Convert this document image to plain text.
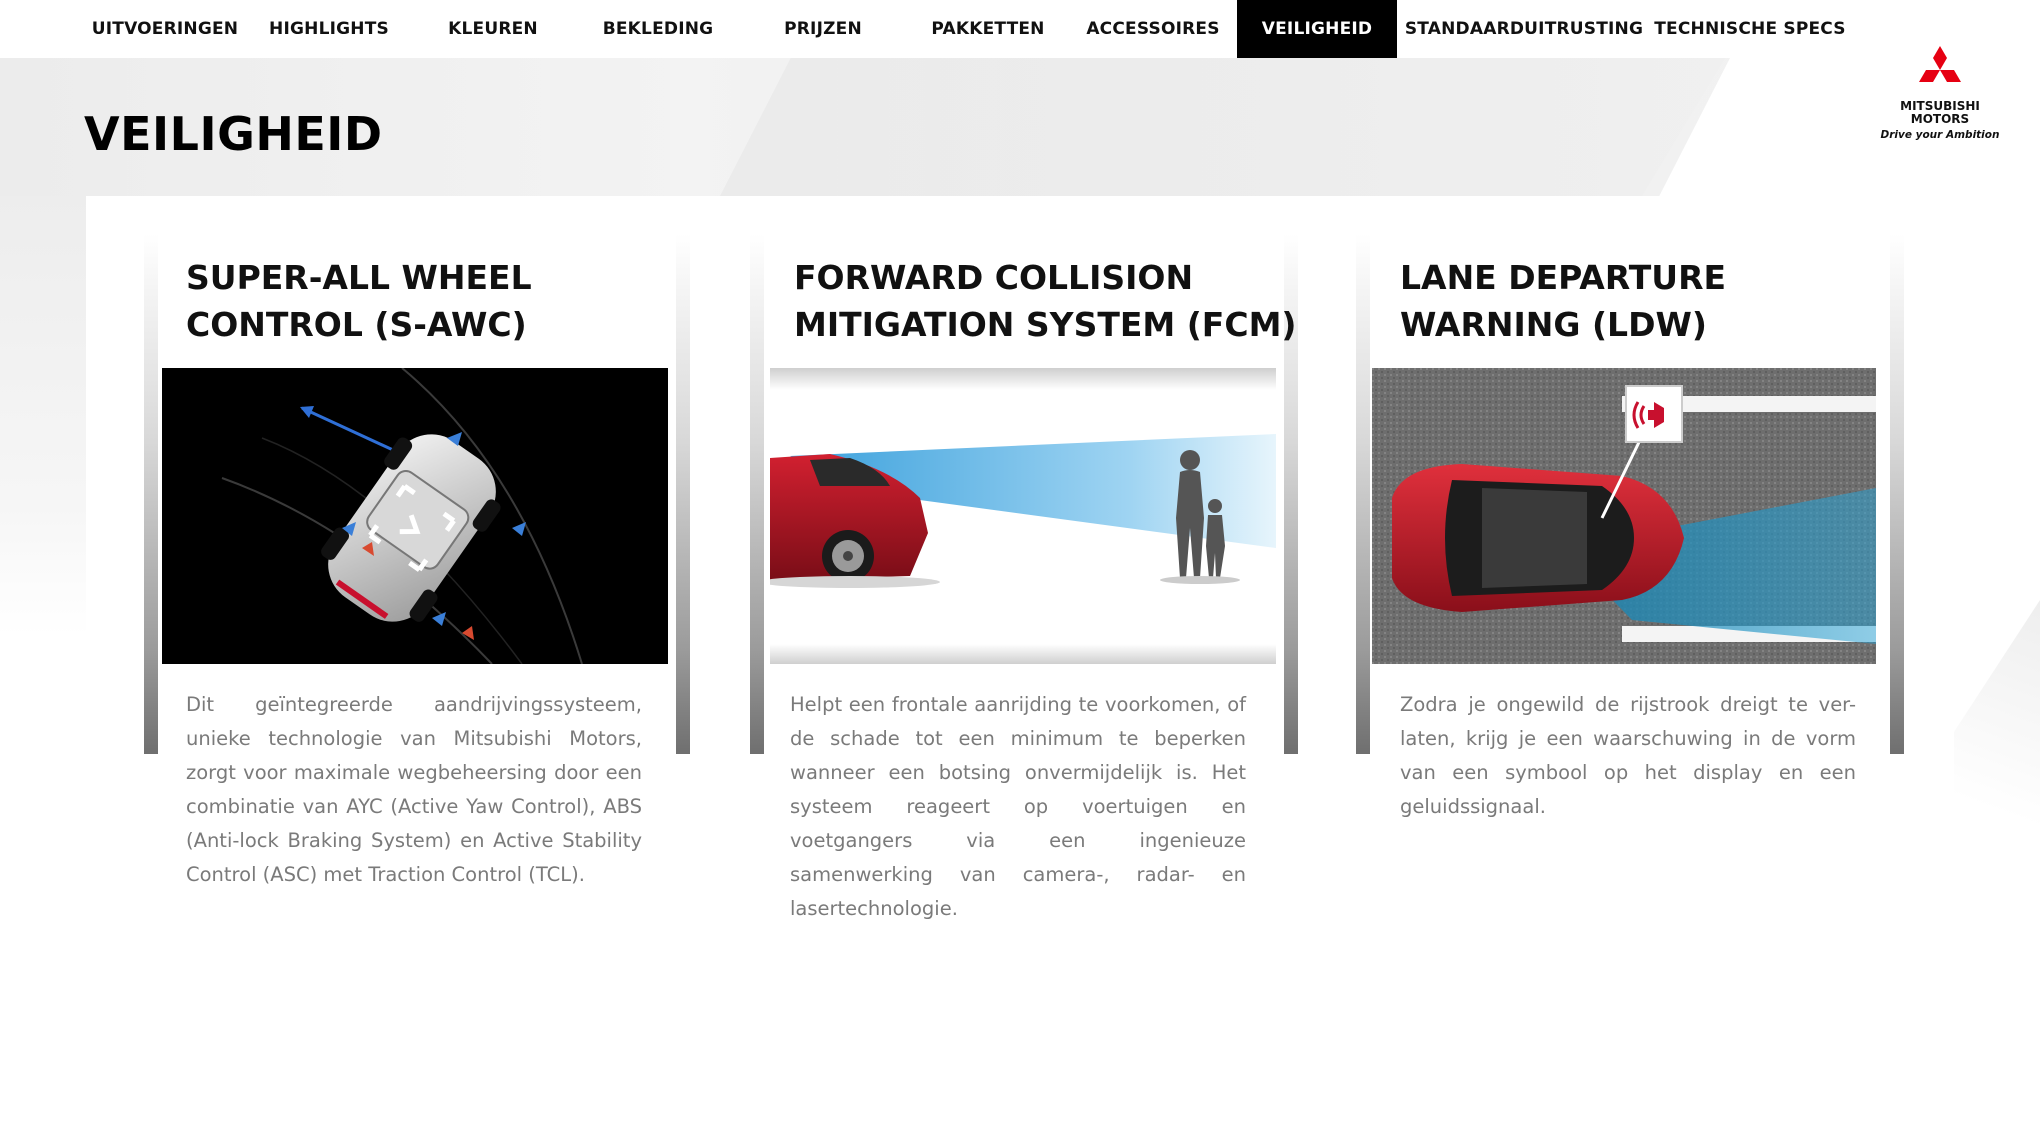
UITVOERINGEN	HIGHLIGHTS	KLEUREN	BEKLEDING	PRIJZEN	PAKKETTEN	ACCESSOIRES	VEILIGHEID	STANDAARDUITRUSTING TECHNISCHE SPECS
MITSUBISHI
MOTORS
Drive your Ambition
VEILIGHEID
SUPER-ALL WHEEL
CONTROL (S-AWC)

Dit geïntegreerde aandrijvingssysteem, unieke technologie van Mitsubishi Motors, zorgt voor maximale wegbeheersing door een combinatie van AYC (Active Yaw Control), ABS (Anti-lock Braking System) en Active Stability Control (ASC) met Traction Control (TCL).

FORWARD COLLISION
MITIGATION SYSTEM (FCM)

Helpt een frontale aanrijding te voorkomen, of de schade tot een minimum te beperken wanneer een botsing onvermijdelijk is. Het systeem reageert op voertuigen en voetgangers via een ingenieuze samenwerking van camera-, radar- en lasertechnologie.

LANE DEPARTURE
WARNING (LDW)

Zodra je ongewild de rijstrook dreigt te ver-laten, krijg je een waarschuwing in de vorm van een symbool op het display en een geluidssignaal.
